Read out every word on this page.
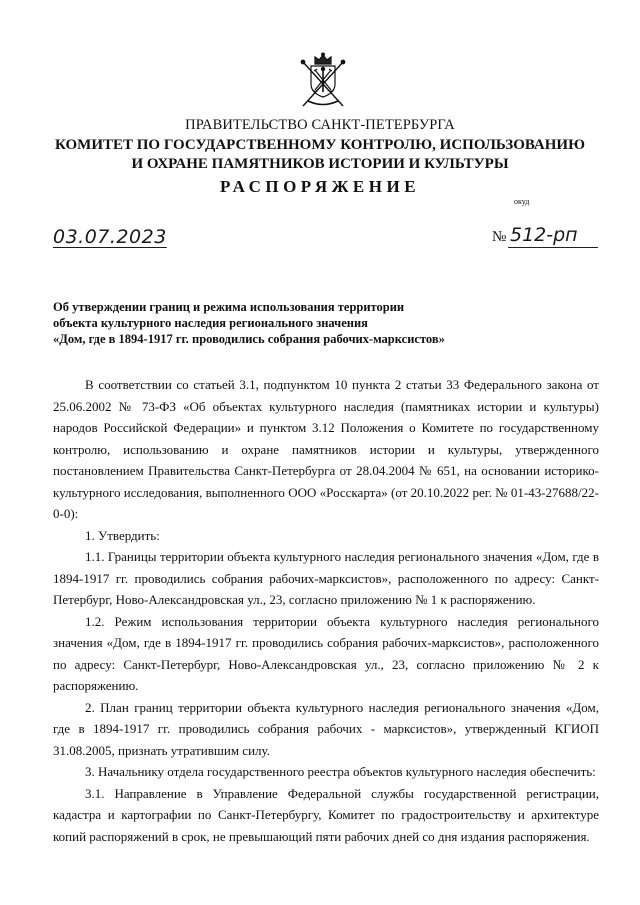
ПРАВИТЕЛЬСТВО САНКТ-ПЕТЕРБУРГА
КОМИТЕТ ПО ГОСУДАРСТВЕННОМУ КОНТРОЛЮ, ИСПОЛЬЗОВАНИЮ
И ОХРАНЕ ПАМЯТНИКОВ ИСТОРИИ И КУЛЬТУРЫ
РАСПОРЯЖЕНИЕ
окуд
03.07.2023	№ 512-рп
Об утверждении границ и режима использования территории
объекта культурного наследия регионального значения
«Дом, где в 1894-1917 гг. проводились собрания рабочих-марксистов»

В соответствии со статьей 3.1, подпунктом 10 пункта 2 статьи 33 Федерального закона от 25.06.2002 № 73-ФЗ «Об объектах культурного наследия (памятниках истории и культуры) народов Российской Федерации» и пунктом 3.12 Положения о Комитете по государственному контролю, использованию и охране памятников истории и культуры, утвержденного постановлением Правительства Санкт-Петербурга от 28.04.2004 № 651, на основании историко-культурного исследования, выполненного ООО «Росскарта» (от 20.10.2022 рег. № 01-43-27688/22-0-0):

1. Утвердить:

1.1. Границы территории объекта культурного наследия регионального значения «Дом, где в 1894-1917 гг. проводились собрания рабочих-марксистов», расположенного по адресу: Санкт-Петербург, Ново-Александровская ул., 23, согласно приложению № 1 к распоряжению.

1.2. Режим использования территории объекта культурного наследия регионального значения «Дом, где в 1894-1917 гг. проводились собрания рабочих-марксистов», расположенного по адресу: Санкт-Петербург, Ново-Александровская ул., 23, согласно приложению № 2 к распоряжению.

2. План границ территории объекта культурного наследия регионального значения «Дом, где в 1894-1917 гг. проводились собрания рабочих - марксистов», утвержденный КГИОП 31.08.2005, признать утратившим силу.

3. Начальнику отдела государственного реестра объектов культурного наследия обеспечить:

3.1. Направление в Управление Федеральной службы государственной регистрации, кадастра и картографии по Санкт-Петербургу, Комитет по градостроительству и архитектуре копий распоряжений в срок, не превышающий пяти рабочих дней со дня издания распоряжения.
